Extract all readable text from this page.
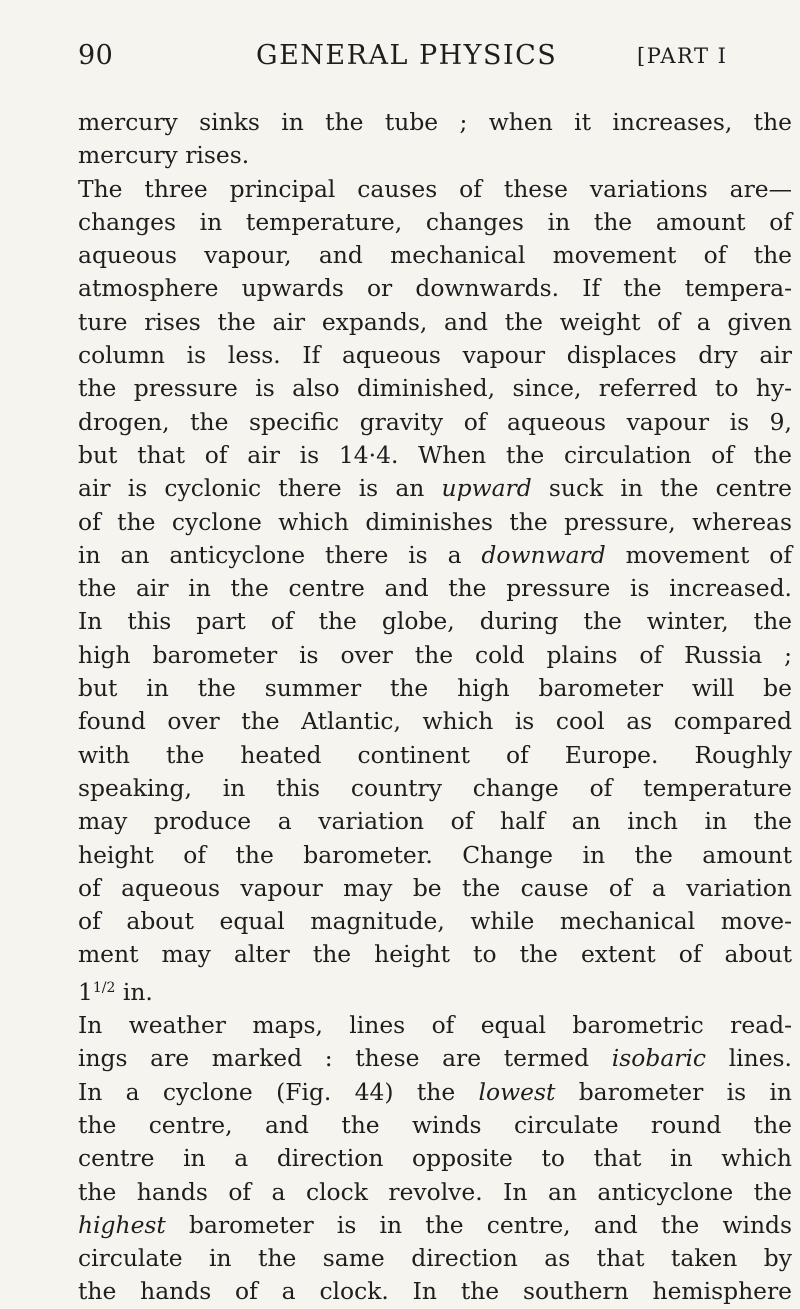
90	GENERAL PHYSICS	[PART I
mercury sinks in the tube ; when it increases, the
mercury rises.
The three principal causes of these variations are—
changes in temperature, changes in the amount of
aqueous vapour, and mechanical movement of the
atmosphere upwards or downwards. If the tempera-
ture rises the air expands, and the weight of a given
column is less. If aqueous vapour displaces dry air
the pressure is also diminished, since, referred to hy-
drogen, the specific gravity of aqueous vapour is 9,
but that of air is 14·4. When the circulation of the
air is cyclonic there is an upward suck in the centre
of the cyclone which diminishes the pressure, whereas
in an anticyclone there is a downward movement of
the air in the centre and the pressure is increased.
In this part of the globe, during the winter, the
high barometer is over the cold plains of Russia ;
but in the summer the high barometer will be
found over the Atlantic, which is cool as compared
with the heated continent of Europe. Roughly
speaking, in this country change of temperature
may produce a variation of half an inch in the
height of the barometer. Change in the amount
of aqueous vapour may be the cause of a variation
of about equal magnitude, while mechanical move-
ment may alter the height to the extent of about
$1^{1/2}$ in.
In weather maps, lines of equal barometric read-
ings are marked : these are termed isobaric lines.
In a cyclone (Fig. 44) the lowest barometer is in
the centre, and the winds circulate round the
centre in a direction opposite to that in which
the hands of a clock revolve. In an anticyclone the
highest barometer is in the centre, and the winds
circulate in the same direction as that taken by
the hands of a clock. In the southern hemisphere
